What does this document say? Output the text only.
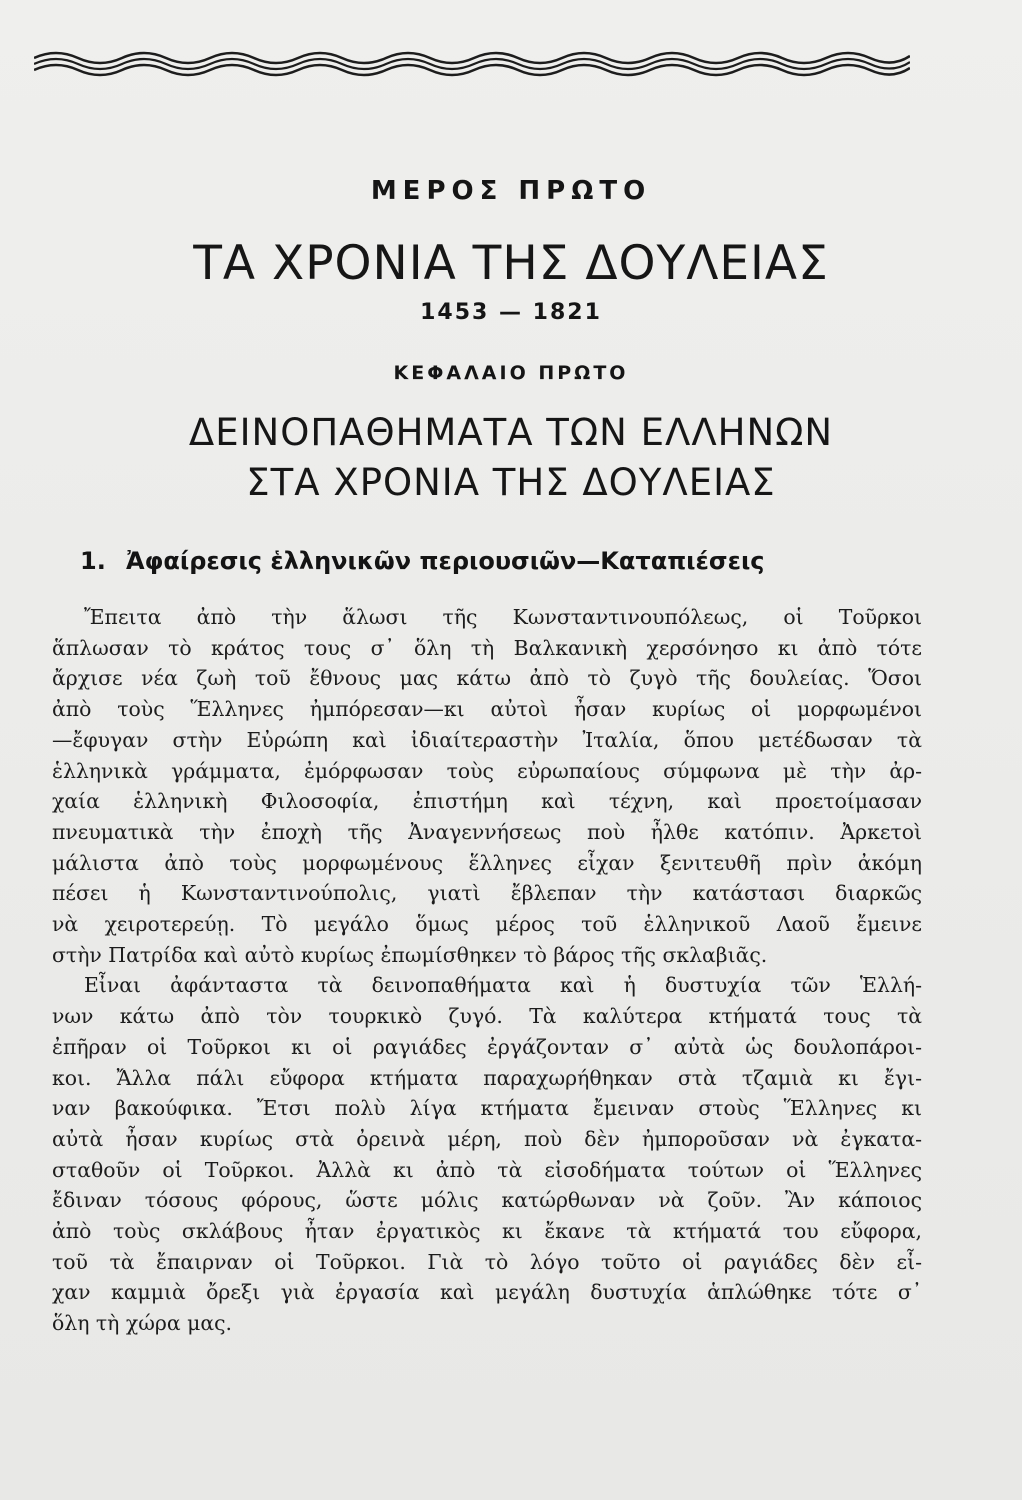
ΜΕΡΟΣ ΠΡΩΤΟ
ΤΑ ΧΡΟΝΙΑ ΤΗΣ ΔΟΥΛΕΙΑΣ
1453 — 1821
ΚΕΦΑΛΑΙΟ ΠΡΩΤΟ
ΔΕΙΝΟΠΑΘΗΜΑΤΑ ΤΩΝ ΕΛΛΗΝΩΝ
ΣΤΑ ΧΡΟΝΙΑ ΤΗΣ ΔΟΥΛΕΙΑΣ
1. Ἀφαίρεσις ἑλληνικῶν περιουσιῶν—Καταπιέσεις

Ἔπειτα ἀπὸ τὴν ἅλωσι τῆς Κωνσταντινουπόλεως, οἱ Τοῦρκοι
ἅπλωσαν τὸ κράτος τους σ᾿ ὅλη τὴ Βαλκανικὴ χερσόνησο κι ἀπὸ τότε
ἄρχισε νέα ζωὴ τοῦ ἔθνους μας κάτω ἀπὸ τὸ ζυγὸ τῆς δουλείας. Ὅσοι
ἀπὸ τοὺς Ἕλληνες ἠμπόρεσαν—κι αὐτοὶ ἦσαν κυρίως οἱ μορφωμένοι
—ἔφυγαν στὴν Εὐρώπη καὶ ἰδιαίτεραστὴν Ἰταλία, ὅπου μετέδωσαν τὰ
ἑλληνικὰ γράμματα, ἐμόρφωσαν τοὺς εὐρωπαίους σύμφωνα μὲ τὴν ἀρ-
χαία ἑλληνικὴ Φιλοσοφία, ἐπιστήμη καὶ τέχνη, καὶ προετοίμασαν
πνευματικὰ τὴν ἐποχὴ τῆς Ἀναγεννήσεως ποὺ ἦλθε κατόπιν. Ἀρκετοὶ
μάλιστα ἀπὸ τοὺς μορφωμένους ἕλληνες εἶχαν ξενιτευθῆ πρὶν ἀκόμη
πέσει ἡ Κωνσταντινούπολις, γιατὶ ἔβλεπαν τὴν κατάστασι διαρκῶς
νὰ χειροτερεύῃ. Τὸ μεγάλο ὅμως μέρος τοῦ ἑλληνικοῦ Λαοῦ ἔμεινε
στὴν Πατρίδα καὶ αὐτὸ κυρίως ἐπωμίσθηκεν τὸ βάρος τῆς σκλαβιᾶς.

Εἶναι ἀφάνταστα τὰ δεινοπαθήματα καὶ ἡ δυστυχία τῶν Ἑλλή-
νων κάτω ἀπὸ τὸν τουρκικὸ ζυγό. Τὰ καλύτερα κτήματά τους τὰ
ἐπῆραν οἱ Τοῦρκοι κι οἱ ραγιάδες ἐργάζονταν σ᾿ αὐτὰ ὡς δουλοπάροι-
κοι. Ἄλλα πάλι εὔφορα κτήματα παραχωρήθηκαν στὰ τζαμιὰ κι ἔγι-
ναν βακούφικα. Ἔτσι πολὺ λίγα κτήματα ἔμειναν στοὺς Ἕλληνες κι
αὐτὰ ἦσαν κυρίως στὰ ὀρεινὰ μέρη, ποὺ δὲν ἠμποροῦσαν νὰ ἐγκατα-
σταθοῦν οἱ Τοῦρκοι. Ἀλλὰ κι ἀπὸ τὰ εἰσοδήματα τούτων οἱ Ἕλληνες
ἔδιναν τόσους φόρους, ὥστε μόλις κατώρθωναν νὰ ζοῦν. Ἂν κάποιος
ἀπὸ τοὺς σκλάβους ἦταν ἐργατικὸς κι ἔκανε τὰ κτήματά του εὔφορα,
τοῦ τὰ ἔπαιρναν οἱ Τοῦρκοι. Γιὰ τὸ λόγο τοῦτο οἱ ραγιάδες δὲν εἶ-
χαν καμμιὰ ὄρεξι γιὰ ἐργασία καὶ μεγάλη δυστυχία ἁπλώθηκε τότε σ᾿
ὅλη τὴ χώρα μας.
